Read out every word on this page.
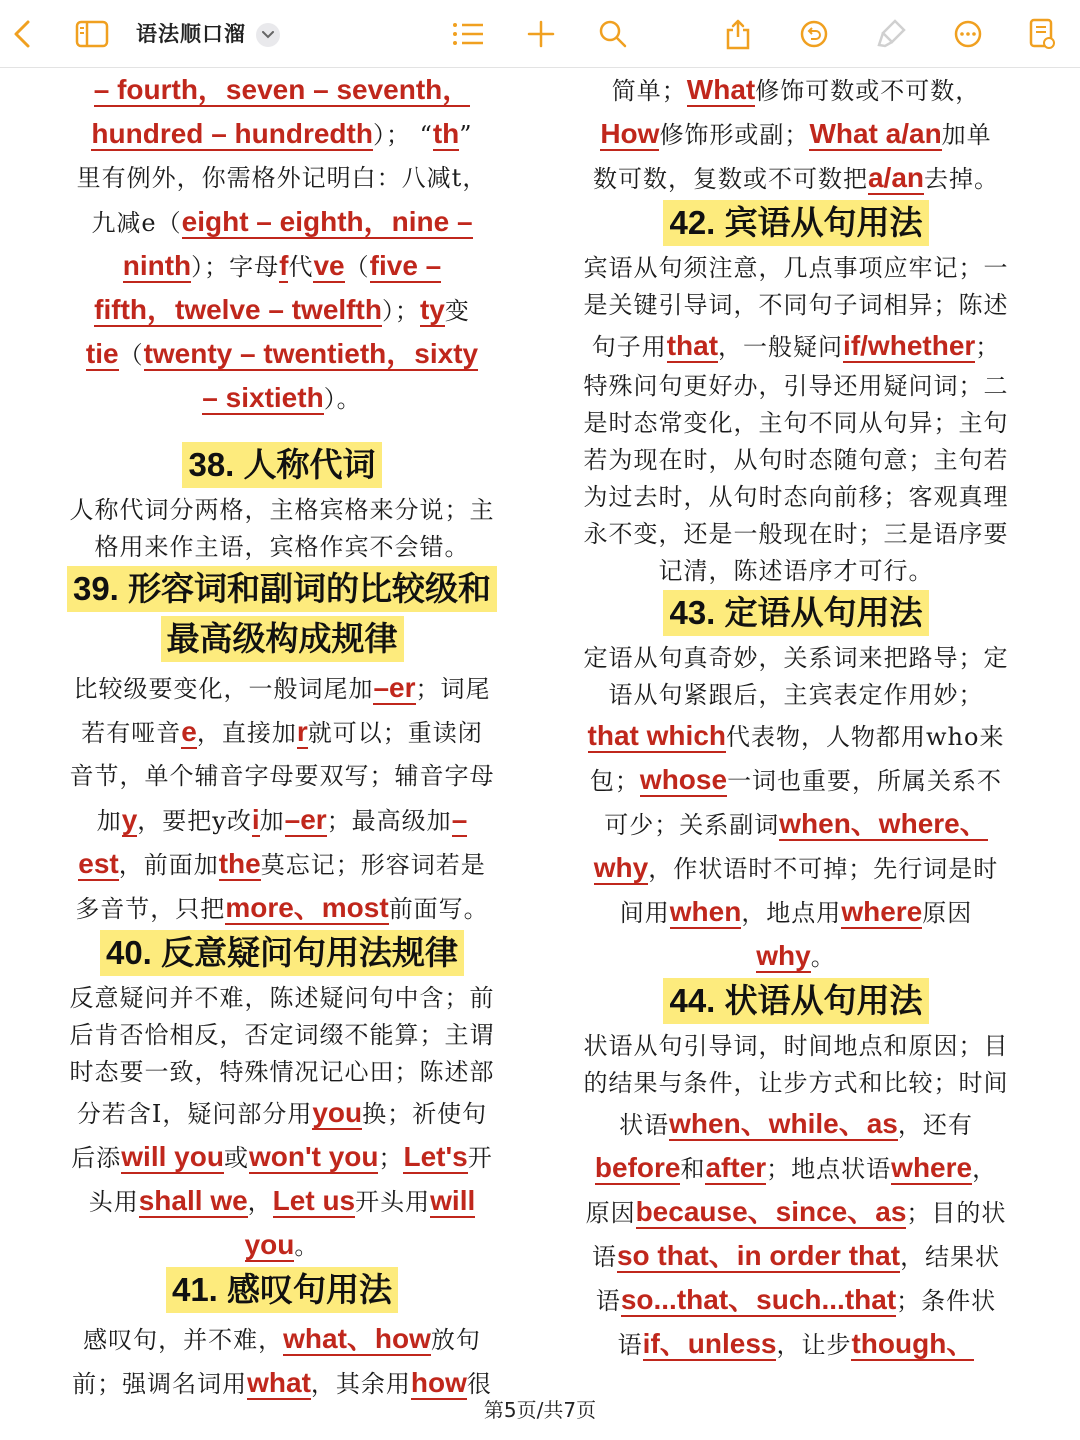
语法顺口溜
– fourth，seven – seventh，
hundred – hundredth）； “th”
里有例外，你需格外记明白：八减t，
九减e（eight – eighth，nine –
ninth）；字母f代ve（five –
fifth，twelve – twelfth）；ty变
tie（twenty – twentieth，sixty
– sixtieth）。
38. 人称代词
人称代词分两格，主格宾格来分说；主
格用来作主语，宾格作宾不会错。
39. 形容词和副词的比较级和
最高级构成规律
比较级要变化，一般词尾加–er；词尾
若有哑音e，直接加r就可以；重读闭
音节，单个辅音字母要双写；辅音字母
加y，要把y改i加–er；最高级加–
est，前面加the莫忘记；形容词若是
多音节，只把more、most前面写。
40. 反意疑问句用法规律
反意疑问并不难，陈述疑问句中含；前
后肯否恰相反，否定词缀不能算；主谓
时态要一致，特殊情况记心田；陈述部
分若含I，疑问部分用you换；祈使句
后添will you或won't you；Let's开
头用shall we，Let us开头用will
you。
41. 感叹句用法
感叹句，并不难，what、how放句
前；强调名词用what，其余用how很
简单；What修饰可数或不可数，
How修饰形或副；What a/an加单
数可数，复数或不可数把a/an去掉。
42. 宾语从句用法
宾语从句须注意，几点事项应牢记；一
是关键引导词，不同句子词相异；陈述
句子用that，一般疑问if/whether；
特殊问句更好办，引导还用疑问词；二
是时态常变化，主句不同从句异；主句
若为现在时，从句时态随句意；主句若
为过去时，从句时态向前移；客观真理
永不变，还是一般现在时；三是语序要
记清，陈述语序才可行。
43. 定语从句用法
定语从句真奇妙，关系词来把路导；定
语从句紧跟后，主宾表定作用妙；
that which代表物，人物都用who来
包；whose一词也重要，所属关系不
可少；关系副词when、where、
why，作状语时不可掉；先行词是时
间用when，地点用where原因
why。
44. 状语从句用法
状语从句引导词，时间地点和原因；目
的结果与条件，让步方式和比较；时间
状语when、while、as，还有
before和after；地点状语where，
原因because、since、as；目的状
语so that、in order that，结果状
语so...that、such...that；条件状
语if、unless，让步though、
第5页/共7页
